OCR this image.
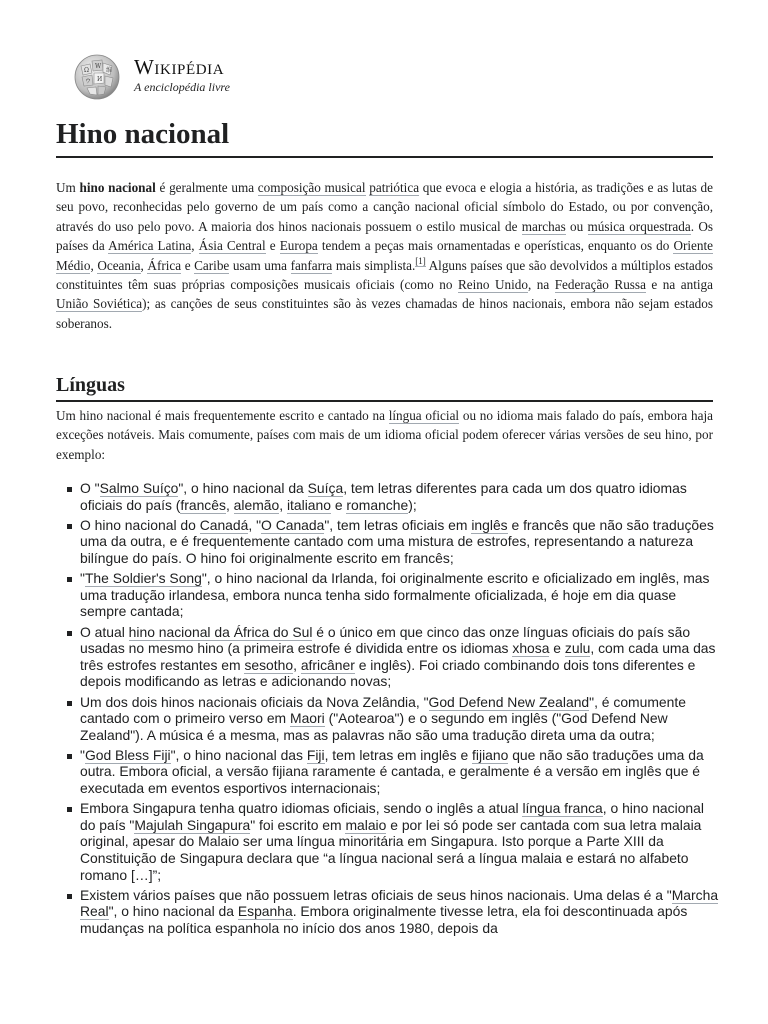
Ω
W
И
ウ
维 Wikipédia
A enciclopédia livre
Hino nacional

Um hino nacional é geralmente uma composição musical patriótica que evoca e elogia a história, as tradições e as lutas de seu povo, reconhecidas pelo governo de um país como a canção nacional oficial símbolo do Estado, ou por convenção, através do uso pelo povo. A maioria dos hinos nacionais possuem o estilo musical de marchas ou música orquestrada. Os países da América Latina, Ásia Central e Europa tendem a peças mais ornamentadas e operísticas, enquanto os do Oriente Médio, Oceania, África e Caribe usam uma fanfarra mais simplista.[1] Alguns países que são devolvidos a múltiplos estados constituintes têm suas próprias composições musicais oficiais (como no Reino Unido, na Federação Russa e na antiga União Soviética); as canções de seus constituintes são às vezes chamadas de hinos nacionais, embora não sejam estados soberanos.

Línguas

Um hino nacional é mais frequentemente escrito e cantado na língua oficial ou no idioma mais falado do país, embora haja exceções notáveis. Mais comumente, países com mais de um idioma oficial podem oferecer várias versões de seu hino, por exemplo:

O "Salmo Suíço", o hino nacional da Suíça, tem letras diferentes para cada um dos quatro idiomas oficiais do país (francês, alemão, italiano e romanche);
O hino nacional do Canadá, "O Canada", tem letras oficiais em inglês e francês que não são traduções uma da outra, e é frequentemente cantado com uma mistura de estrofes, representando a natureza bilíngue do país. O hino foi originalmente escrito em francês;
"The Soldier's Song", o hino nacional da Irlanda, foi originalmente escrito e oficializado em inglês, mas uma tradução irlandesa, embora nunca tenha sido formalmente oficializada, é hoje em dia quase sempre cantada;
O atual hino nacional da África do Sul é o único em que cinco das onze línguas oficiais do país são usadas no mesmo hino (a primeira estrofe é dividida entre os idiomas xhosa e zulu, com cada uma das três estrofes restantes em sesotho, africâner e inglês). Foi criado combinando dois tons diferentes e depois modificando as letras e adicionando novas;
Um dos dois hinos nacionais oficiais da Nova Zelândia, "God Defend New Zealand", é comumente cantado com o primeiro verso em Maori ("Aotearoa") e o segundo em inglês ("God Defend New Zealand"). A música é a mesma, mas as palavras não são uma tradução direta uma da outra;
"God Bless Fiji", o hino nacional das Fiji, tem letras em inglês e fijiano que não são traduções uma da outra. Embora oficial, a versão fijiana raramente é cantada, e geralmente é a versão em inglês que é executada em eventos esportivos internacionais;
Embora Singapura tenha quatro idiomas oficiais, sendo o inglês a atual língua franca, o hino nacional do país "Majulah Singapura" foi escrito em malaio e por lei só pode ser cantada com sua letra malaia original, apesar do Malaio ser uma língua minoritária em Singapura. Isto porque a Parte XIII da Constituição de Singapura declara que “a língua nacional será a língua malaia e estará no alfabeto romano […]”;
Existem vários países que não possuem letras oficiais de seus hinos nacionais. Uma delas é a "Marcha Real", o hino nacional da Espanha. Embora originalmente tivesse letra, ela foi descontinuada após mudanças na política espanhola no início dos anos 1980, depois da
